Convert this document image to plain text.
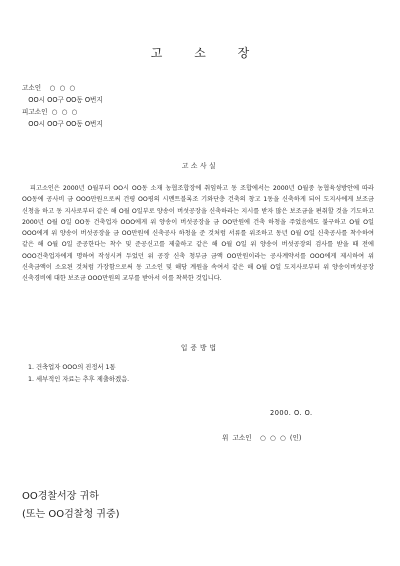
고 소 장
고소인    ○  ○  ○
OO시 OO구 OO동 O번지
피고소인  ○  ○  ○
OO시 OO구 OO동 O번지
고소사실
피고소인은 2000년 O월부터 OO시 OO동 소재 농협조합장에 취임하고 동 조합에서는 2000년 O월중 농협육성방안에 따라 OO동에 공사비 금 OOO만원으로써 건평 OO평의 시멘트블록조 기와단층 건축의 창고 1동을 신축하게 되어 도지사에게 보조금 신청을 하고 동 지사로부터 같은 해 O월 O일부로 양송이 버섯공장을 신축하라는 지시를 받자 많은 보조금을 편취할 것을 기도하고 2000년 O월 O일 OO동 건축업자 OOO에게 위 양송이 버섯공장을 금 OO만원에 건축 하청을 주었음에도 불구하고 O월 O일 OOO에게 위 양송이 버섯공장을 금 OO만원에 신축공사 하청을 준 것처럼 서류를 위조하고 동년 O월 O일 신축공사를 착수하여 같은 해 O월 O일 준공한다는 착수 및 준공신고를 제출하고 같은 해 O월 O일 위 양송이 버섯공장의 검사를 받을 때 전에 OOO건축업자에게 명하여 작성시켜 두었던 위 공장 신축 청부금 금액 OO만원이라는 공사계약서를 OOO에게 제시하여 위 신축금액이 소요된 것처럼 가장함으로써 동 고소인 및 해당 계원을 속여서 같은 해 O월 O일 도지사로부터 위 양송이버섯공장 신축경비에 대한 보조금 OOO만원의 교부를 받아서 이를 착복한 것입니다.
입증방법
1. 건축업자 OOO의 진정서 1통
1. 세부적인 자료는 추후 제출하겠음.
2000. O. O.
위  고소인    ○  ○  ○  (인)
OO경찰서장 귀하
(또는 OO검찰청 귀중)
